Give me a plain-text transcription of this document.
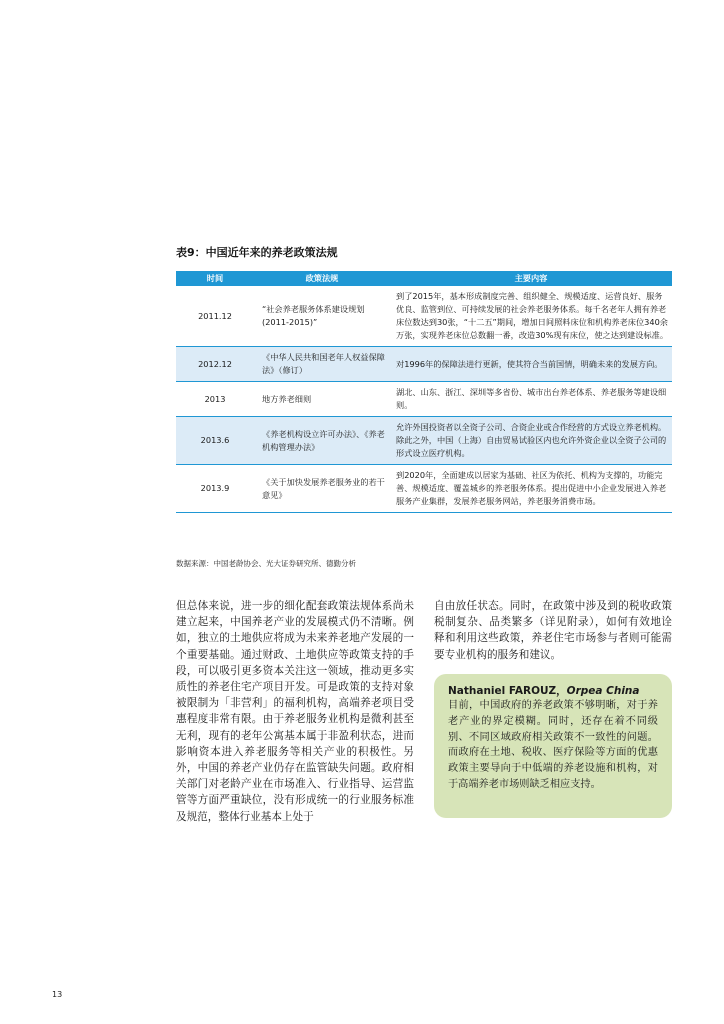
表9：中国近年来的养老政策法规
时间	政策法规	主要内容
2011.12	“社会养老服务体系建设规划(2011-2015)”	到了2015年，基本形成制度完善、组织健全、规模适度、运营良好、服务优良、监管到位、可持续发展的社会养老服务体系。每千名老年人拥有养老床位数达到30张，“十二五”期间，增加日间照料床位和机构养老床位340余万张，实现养老床位总数翻一番，改造30%现有床位，使之达到建设标准。
2012.12	《中华人民共和国老年人权益保障法》（修订）	对1996年的保障法进行更新，使其符合当前国情，明确未来的发展方向。
2013	地方养老细则	湖北、山东、浙江、深圳等多省份、城市出台养老体系、养老服务等建设细则。
2013.6	《养老机构设立许可办法》、《养老机构管理办法》	允许外国投资者以全资子公司、合资企业或合作经营的方式设立养老机构。除此之外，中国（上海）自由贸易试验区内也允许外资企业以全资子公司的形式设立医疗机构。
2013.9	《关于加快发展养老服务业的若干意见》	到2020年，全面建成以居家为基础、社区为依托、机构为支撑的，功能完善、规模适度、覆盖城乡的养老服务体系。提出促进中小企业发展进入养老服务产业集群，发展养老服务网站，养老服务消费市场。
数据来源：中国老龄协会、光大证券研究所、德勤分析
但总体来说，进一步的细化配套政策法规体系尚未建立起来，中国养老产业的发展模式仍不清晰。例如，独立的土地供应将成为未来养老地产发展的一个重要基础。通过财政、土地供应等政策支持的手段，可以吸引更多资本关注这一领域，推动更多实质性的养老住宅产项目开发。可是政策的支持对象被限制为「非营利」的福利机构，高端养老项目受惠程度非常有限。由于养老服务业机构是微利甚至无利，现有的老年公寓基本属于非盈利状态，进而影响资本进入养老服务等相关产业的积极性。另外，中国的养老产业仍存在监管缺失问题。政府相关部门对老龄产业在市场准入、行业指导、运营监管等方面严重缺位，没有形成统一的行业服务标准及规范，整体行业基本上处于
自由放任状态。同时，在政策中涉及到的税收政策税制复杂、品类繁多（详见附录），如何有效地诠释和利用这些政策，养老住宅市场参与者则可能需要专业机构的服务和建议。
Nathaniel FAROUZ，Orpea China
目前，中国政府的养老政策不够明晰，对于养老产业的界定模糊。同时，还存在着不同级别、不同区域政府相关政策不一致性的问题。而政府在土地、税收、医疗保险等方面的优惠政策主要导向于中低端的养老设施和机构，对于高端养老市场则缺乏相应支持。
13
